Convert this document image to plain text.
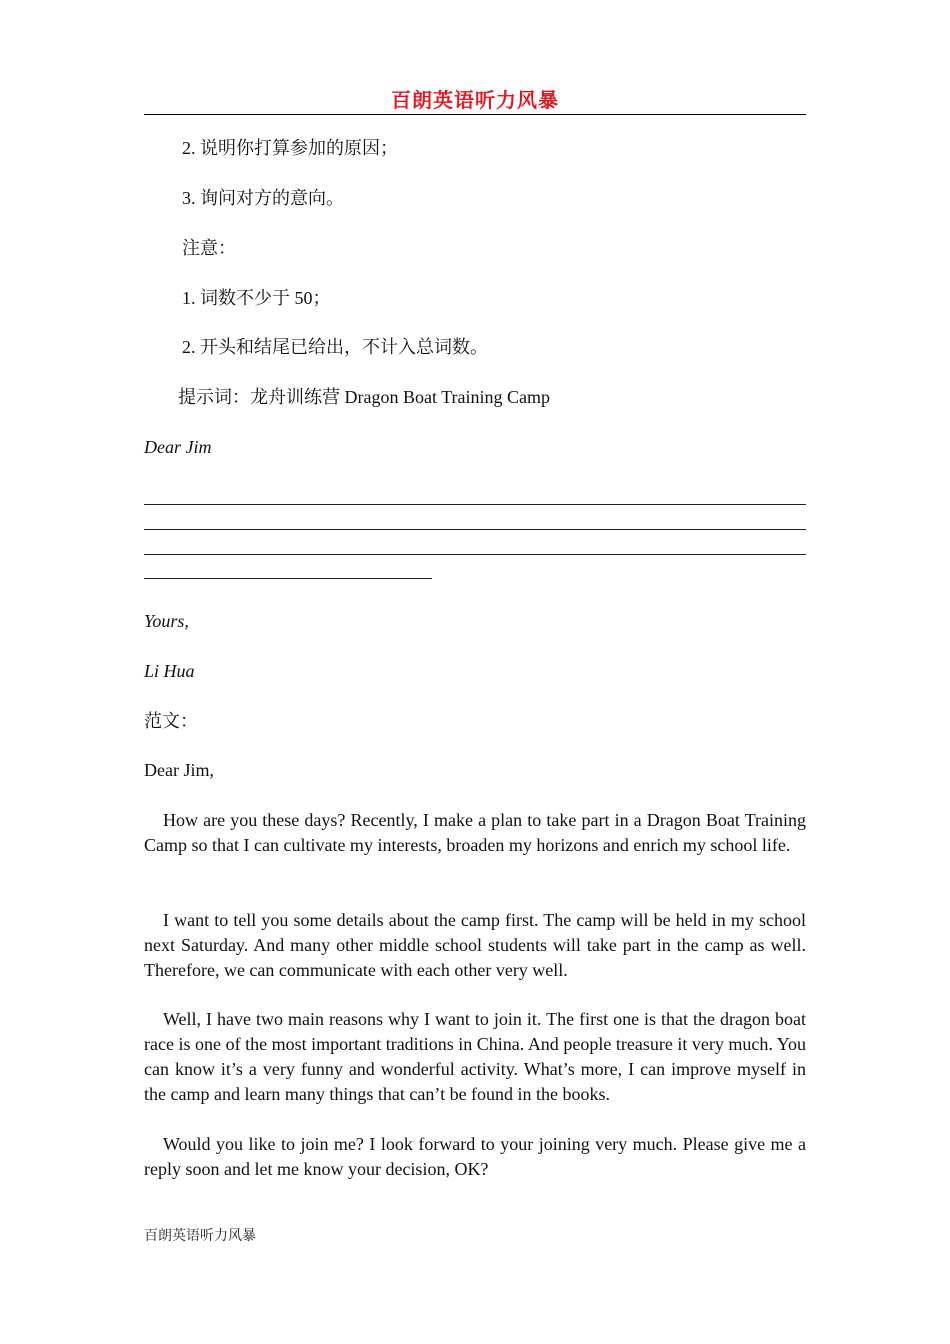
百朗英语听力风暴
2. 说明你打算参加的原因；
3. 询问对方的意向。
注意：
1. 词数不少于 50；
2. 开头和结尾已给出，不计入总词数。
提示词：龙舟训练营 Dragon Boat Training Camp
Dear Jim
Yours,
Li Hua
范文：
Dear Jim,
How are you these days? Recently, I make a plan to take part in a Dragon Boat Training Camp so that I can cultivate my interests, broaden my horizons and enrich my school life.
I want to tell you some details about the camp first. The camp will be held in my school next Saturday. And many other middle school students will take part in the camp as well. Therefore, we can communicate with each other very well.
Well, I have two main reasons why I want to join it. The first one is that the dragon boat race is one of the most important traditions in China. And people treasure it very much. You can know it’s a very funny and wonderful activity. What’s more, I can improve myself in the camp and learn many things that can’t be found in the books.
Would you like to join me? I look forward to your joining very much. Please give me a reply soon and let me know your decision, OK?
百朗英语听力风暴
